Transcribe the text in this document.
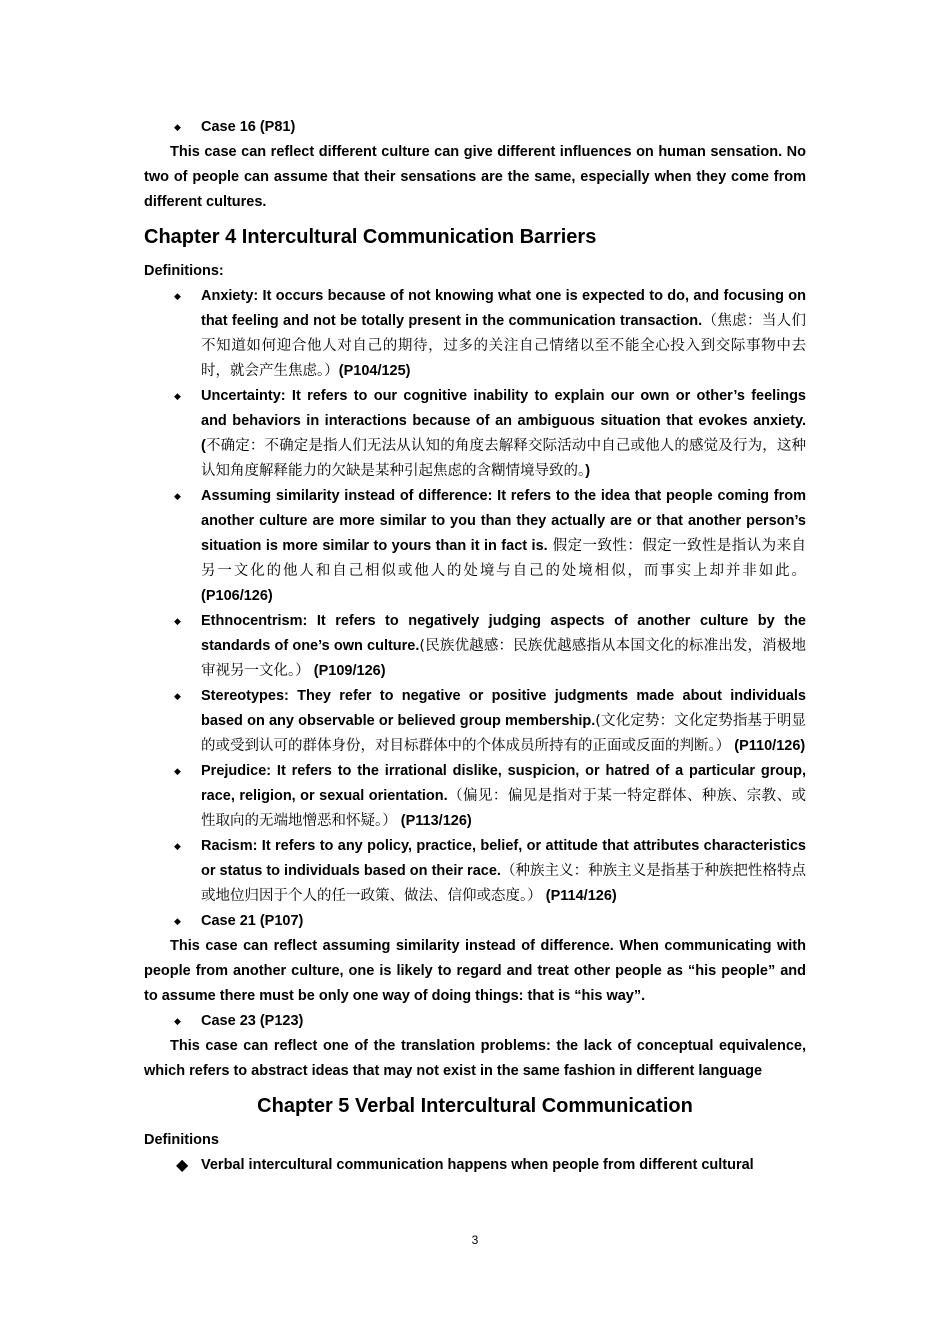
◆ Case 16 (P81)
This case can reflect different culture can give different influences on human sensation. No two of people can assume that their sensations are the same, especially when they come from different cultures.
Chapter 4 Intercultural Communication Barriers
Definitions:
◆ Anxiety: It occurs because of not knowing what one is expected to do, and focusing on that feeling and not be totally present in the communication transaction.（焦虑：当人们不知道如何迎合他人对自己的期待，过多的关注自己情绪以至不能全心投入到交际事物中去时，就会产生焦虑。）(P104/125)
◆ Uncertainty: It refers to our cognitive inability to explain our own or other’s feelings and behaviors in interactions because of an ambiguous situation that evokes anxiety. (不确定：不确定是指人们无法从认知的角度去解释交际活动中自己或他人的感觉及行为，这种认知角度解释能力的欠缺是某种引起焦虑的含糊情境导致的。)
◆ Assuming similarity instead of difference: It refers to the idea that people coming from another culture are more similar to you than they actually are or that another person’s situation is more similar to yours than it in fact is. 假定一致性：假定一致性是指认为来自另一文化的他人和自己相似或他人的处境与自己的处境相似，而事实上却并非如此。 (P106/126)
◆ Ethnocentrism: It refers to negatively judging aspects of another culture by the standards of one’s own culture.(民族优越感：民族优越感指从本国文化的标准出发，消极地审视另一文化。） (P109/126)
◆ Stereotypes: They refer to negative or positive judgments made about individuals based on any observable or believed group membership.(文化定势：文化定势指基于明显的或受到认可的群体身份，对目标群体中的个体成员所持有的正面或反面的判断。） (P110/126)
◆ Prejudice: It refers to the irrational dislike, suspicion, or hatred of a particular group, race, religion, or sexual orientation.（偏见：偏见是指对于某一特定群体、种族、宗教、或性取向的无端地憎恶和怀疑。） (P113/126)
◆ Racism: It refers to any policy, practice, belief, or attitude that attributes characteristics or status to individuals based on their race.（种族主义：种族主义是指基于种族把性格特点或地位归因于个人的任一政策、做法、信仰或态度。） (P114/126)
◆ Case 21 (P107)
This case can reflect assuming similarity instead of difference. When communicating with people from another culture, one is likely to regard and treat other people as “his people” and to assume there must be only one way of doing things: that is “his way”.
◆ Case 23 (P123)
This case can reflect one of the translation problems: the lack of conceptual equivalence, which refers to abstract ideas that may not exist in the same fashion in different language
Chapter 5 Verbal Intercultural Communication
Definitions
◆ Verbal intercultural communication happens when people from different cultural
3
